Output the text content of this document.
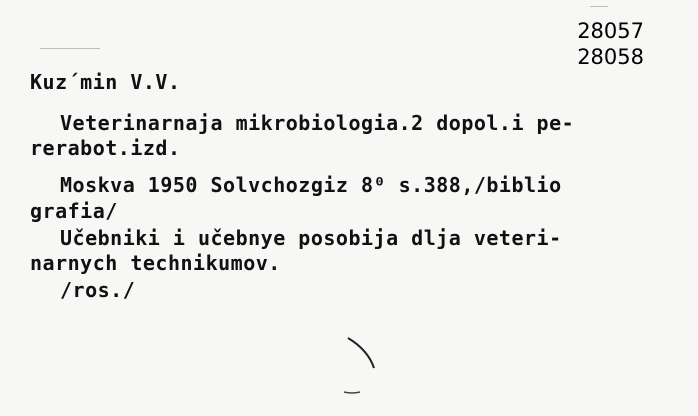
28057
28058
Kuz´min V.V.
Veterinarnaja mikrobiologia.2 dopol.i pe-
rerabot.izd.
Moskva 1950 Solvchozgiz 8⁰ s.388,/biblio
grafia/
Učebniki i učebnye posobija dlja veteri-
narnych technikumov.
/ros./
